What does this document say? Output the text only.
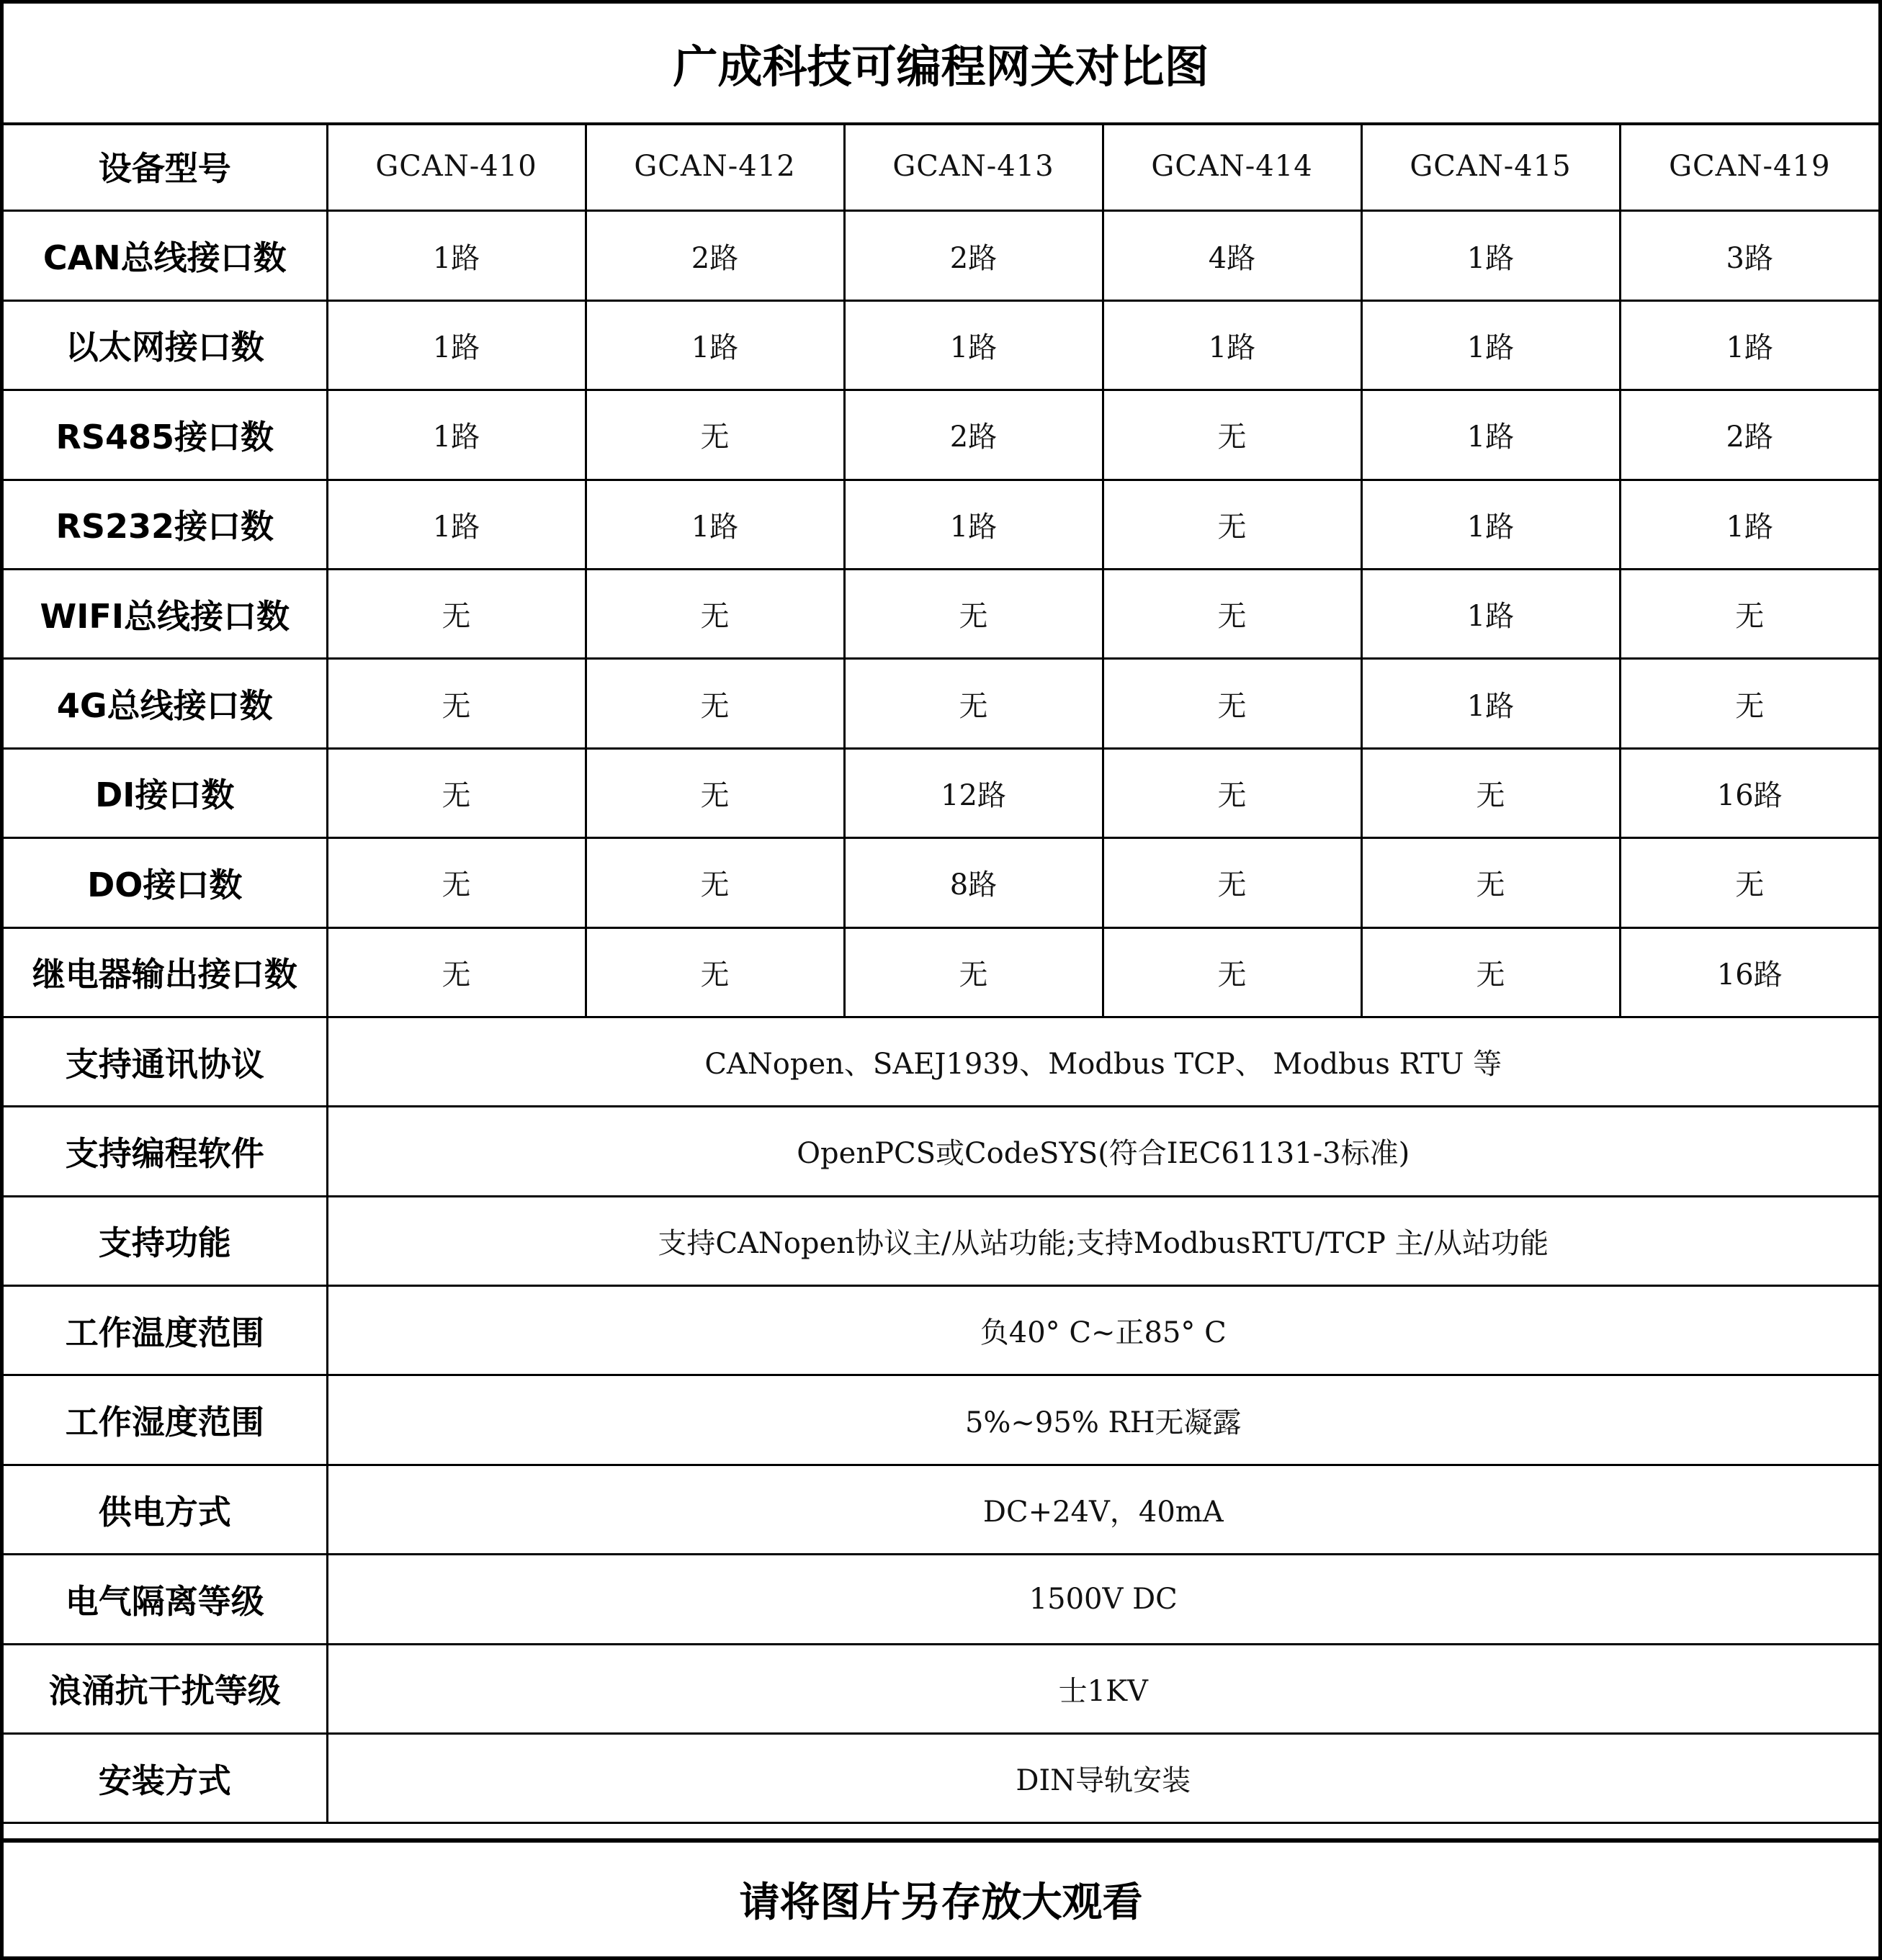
广成科技可编程网关对比图
设备型号	GCAN-410	GCAN-412	GCAN-413	GCAN-414	GCAN-415	GCAN-419
CAN总线接口数	1路	2路	2路	4路	1路	3路
以太网接口数	1路	1路	1路	1路	1路	1路
RS485接口数	1路	无	2路	无	1路	2路
RS232接口数	1路	1路	1路	无	1路	1路
WIFI总线接口数	无	无	无	无	1路	无
4G总线接口数	无	无	无	无	1路	无
DI接口数	无	无	12路	无	无	16路
DO接口数	无	无	8路	无	无	无
继电器输出接口数	无	无	无	无	无	16路
支持通讯协议	CANopen、SAEJ1939、Modbus TCP、 Modbus RTU 等					
支持编程软件	OpenPCS或CodeSYS(符合IEC61131-3标准)					
支持功能	支持CANopen协议主/从站功能;支持ModbusRTU/TCP 主/从站功能					
工作温度范围	负40° C~正85° C					
工作湿度范围	5%~95% RH无凝露					
供电方式	DC+24V，40mA					
电气隔离等级	1500V DC					
浪涌抗干扰等级	士1KV					
安装方式	DIN导轨安装					
请将图片另存放大观看
